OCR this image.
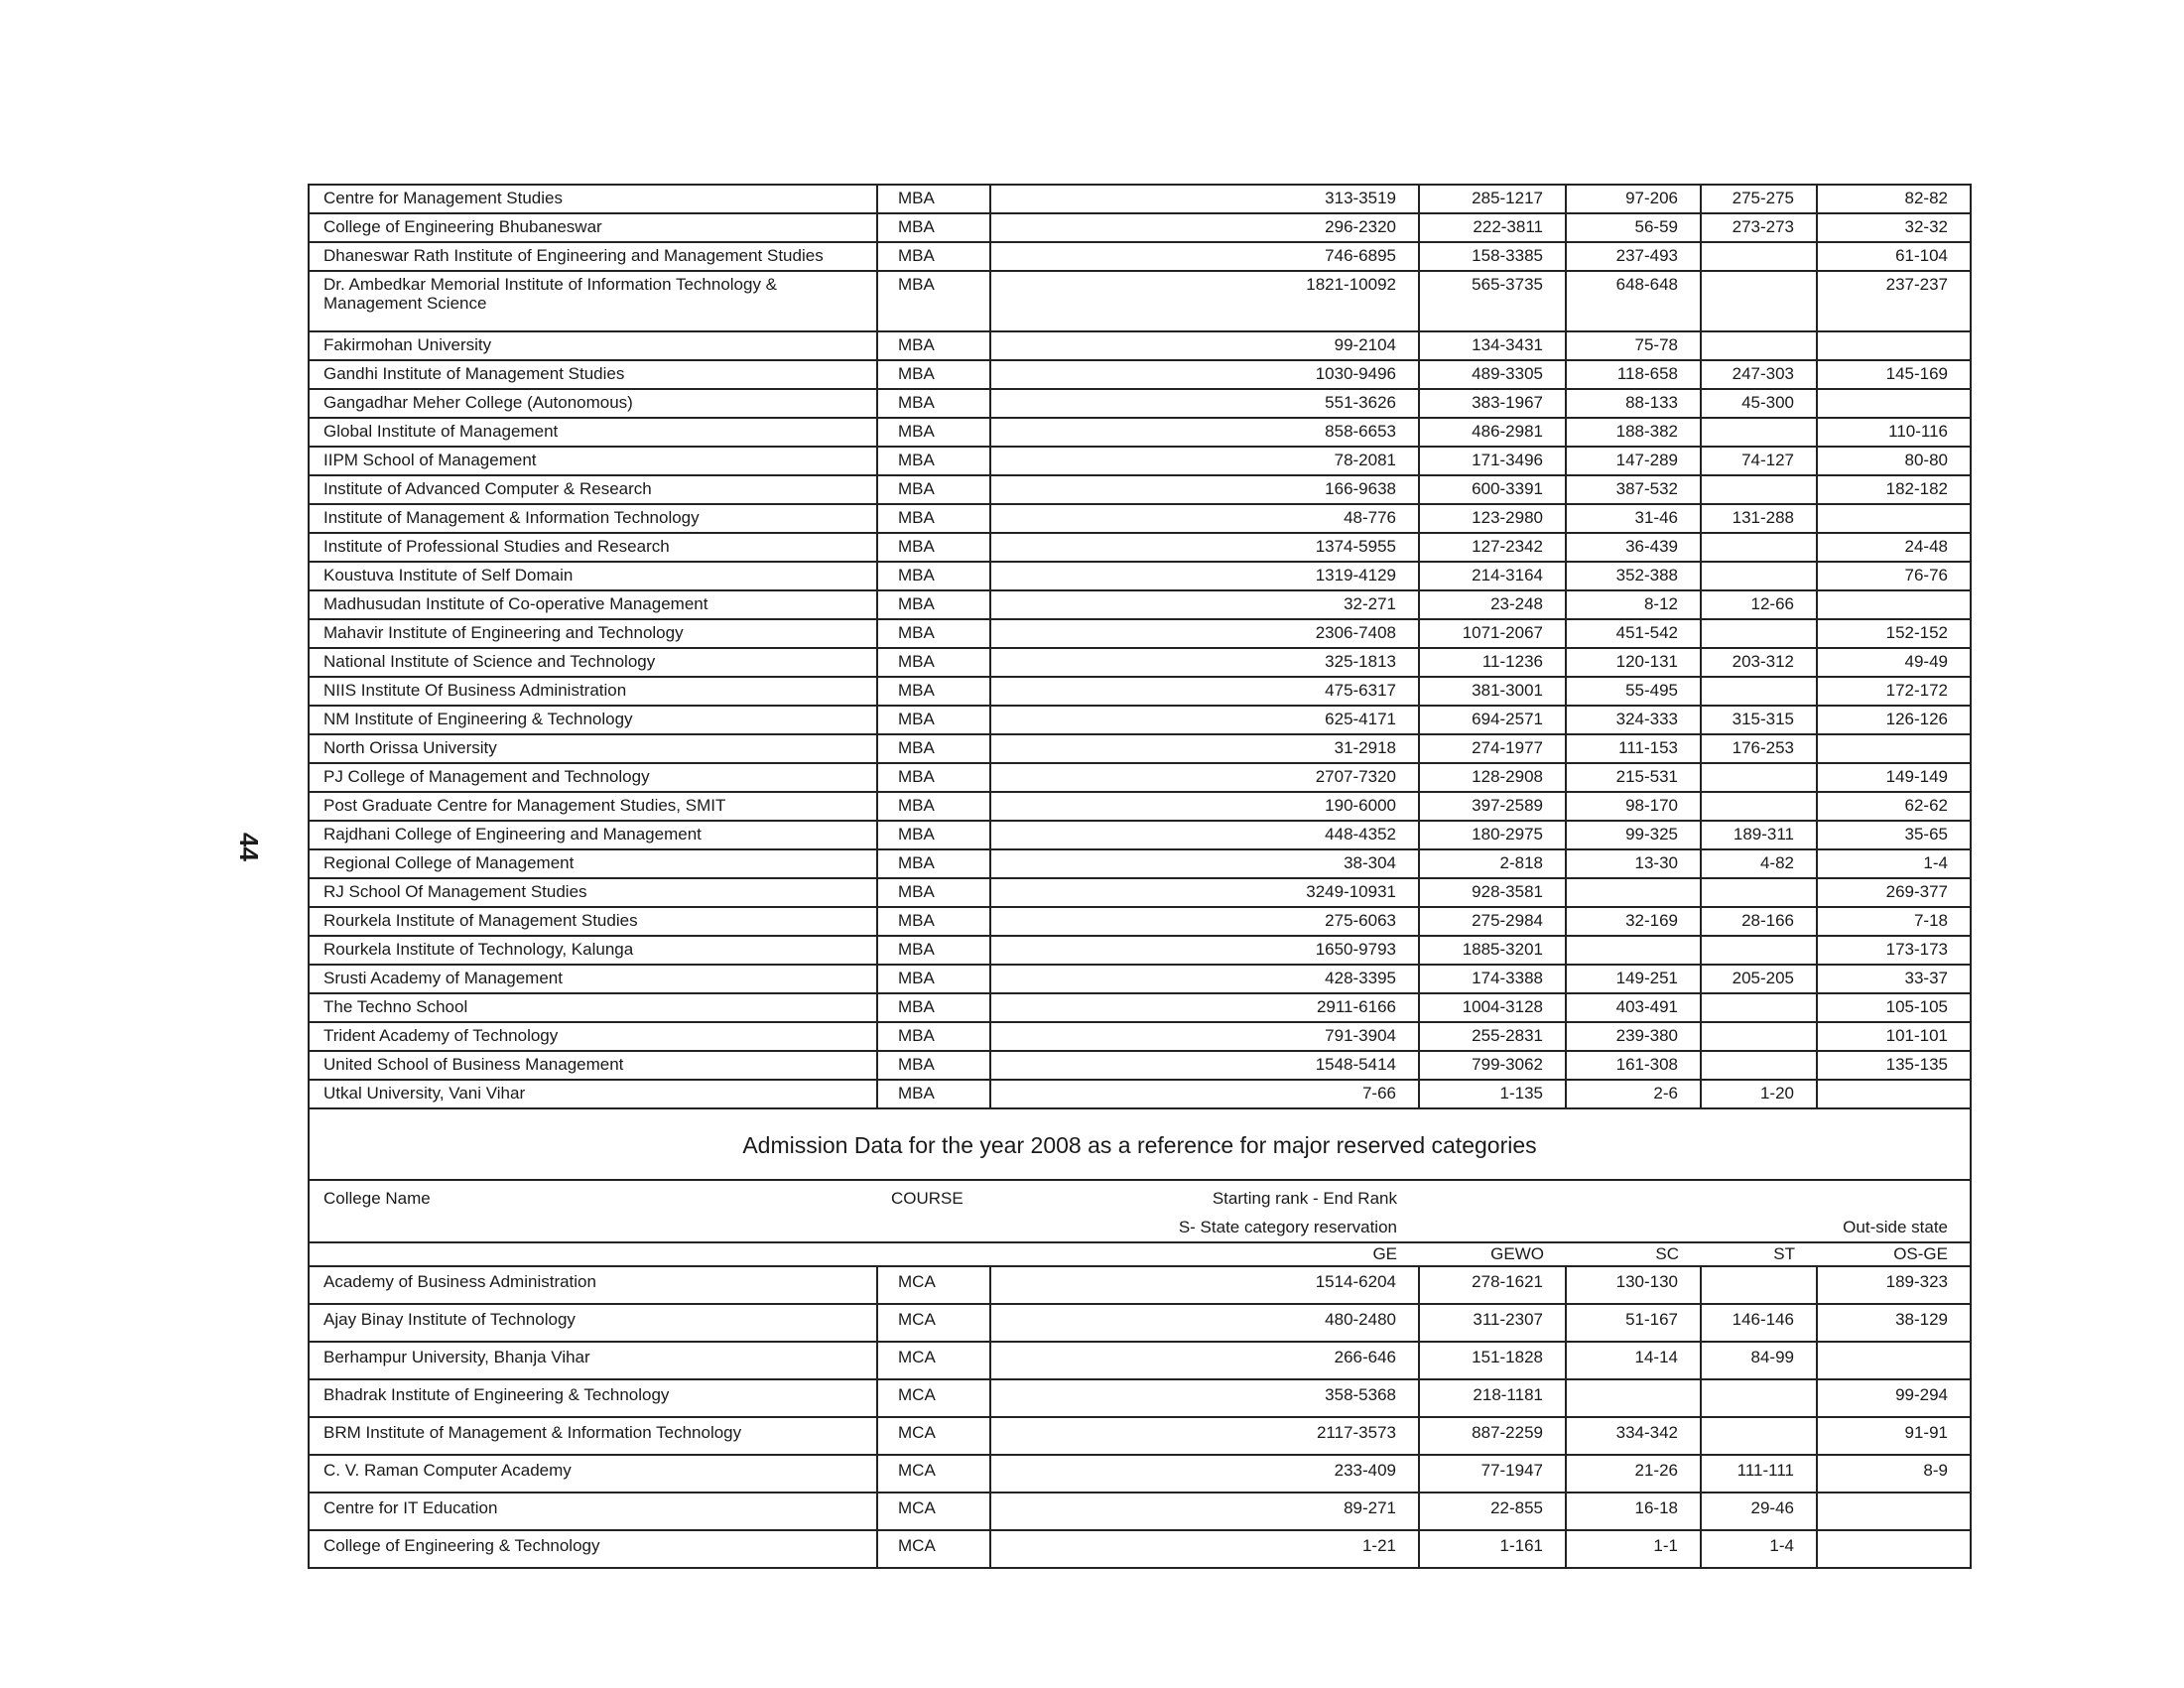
44
Centre for Management Studies	MBA	313-3519	285-1217	97-206	275-275	82-82
College of Engineering Bhubaneswar	MBA	296-2320	222-3811	56-59	273-273	32-32
Dhaneswar Rath Institute of Engineering and Management Studies	MBA	746-6895	158-3385	237-493		61-104
Dr. Ambedkar Memorial Institute of Information Technology & Management Science	MBA	1821-10092	565-3735	648-648		237-237
Fakirmohan University	MBA	99-2104	134-3431	75-78		
Gandhi Institute of Management Studies	MBA	1030-9496	489-3305	118-658	247-303	145-169
Gangadhar Meher College (Autonomous)	MBA	551-3626	383-1967	88-133	45-300	
Global Institute of Management	MBA	858-6653	486-2981	188-382		110-116
IIPM School of Management	MBA	78-2081	171-3496	147-289	74-127	80-80
Institute of Advanced Computer & Research	MBA	166-9638	600-3391	387-532		182-182
Institute of Management & Information Technology	MBA	48-776	123-2980	31-46	131-288	
Institute of Professional Studies and Research	MBA	1374-5955	127-2342	36-439		24-48
Koustuva Institute of Self Domain	MBA	1319-4129	214-3164	352-388		76-76
Madhusudan Institute of Co-operative Management	MBA	32-271	23-248	8-12	12-66	
Mahavir Institute of Engineering and Technology	MBA	2306-7408	1071-2067	451-542		152-152
National Institute of Science and Technology	MBA	325-1813	11-1236	120-131	203-312	49-49
NIIS Institute Of Business Administration	MBA	475-6317	381-3001	55-495		172-172
NM Institute of Engineering & Technology	MBA	625-4171	694-2571	324-333	315-315	126-126
North Orissa University	MBA	31-2918	274-1977	111-153	176-253	
PJ College of Management and Technology	MBA	2707-7320	128-2908	215-531		149-149
Post Graduate Centre for Management Studies, SMIT	MBA	190-6000	397-2589	98-170		62-62
Rajdhani College of Engineering and Management	MBA	448-4352	180-2975	99-325	189-311	35-65
Regional College of Management	MBA	38-304	2-818	13-30	4-82	1-4
RJ School Of Management Studies	MBA	3249-10931	928-3581			269-377
Rourkela Institute of Management Studies	MBA	275-6063	275-2984	32-169	28-166	7-18
Rourkela Institute of Technology, Kalunga	MBA	1650-9793	1885-3201			173-173
Srusti Academy of Management	MBA	428-3395	174-3388	149-251	205-205	33-37
The Techno School	MBA	2911-6166	1004-3128	403-491		105-105
Trident Academy of Technology	MBA	791-3904	255-2831	239-380		101-101
United School of Business Management	MBA	1548-5414	799-3062	161-308		135-135
Utkal University, Vani Vihar	MBA	7-66	1-135	2-6	1-20	
Admission Data for the year 2008 as a reference for major reserved categories						
College Name	COURSE	Starting rank - End Rank				
		S- State category reservation			Out-side state	
		GE	GEWO	SC	ST	OS-GE
Academy of Business Administration	MCA	1514-6204	278-1621	130-130		189-323
Ajay Binay Institute of Technology	MCA	480-2480	311-2307	51-167	146-146	38-129
Berhampur University, Bhanja Vihar	MCA	266-646	151-1828	14-14	84-99	
Bhadrak Institute of Engineering & Technology	MCA	358-5368	218-1181			99-294
BRM Institute of Management & Information Technology	MCA	2117-3573	887-2259	334-342		91-91
C. V. Raman Computer Academy	MCA	233-409	77-1947	21-26	111-111	8-9
Centre for IT Education	MCA	89-271	22-855	16-18	29-46	
College of Engineering & Technology	MCA	1-21	1-161	1-1	1-4	
